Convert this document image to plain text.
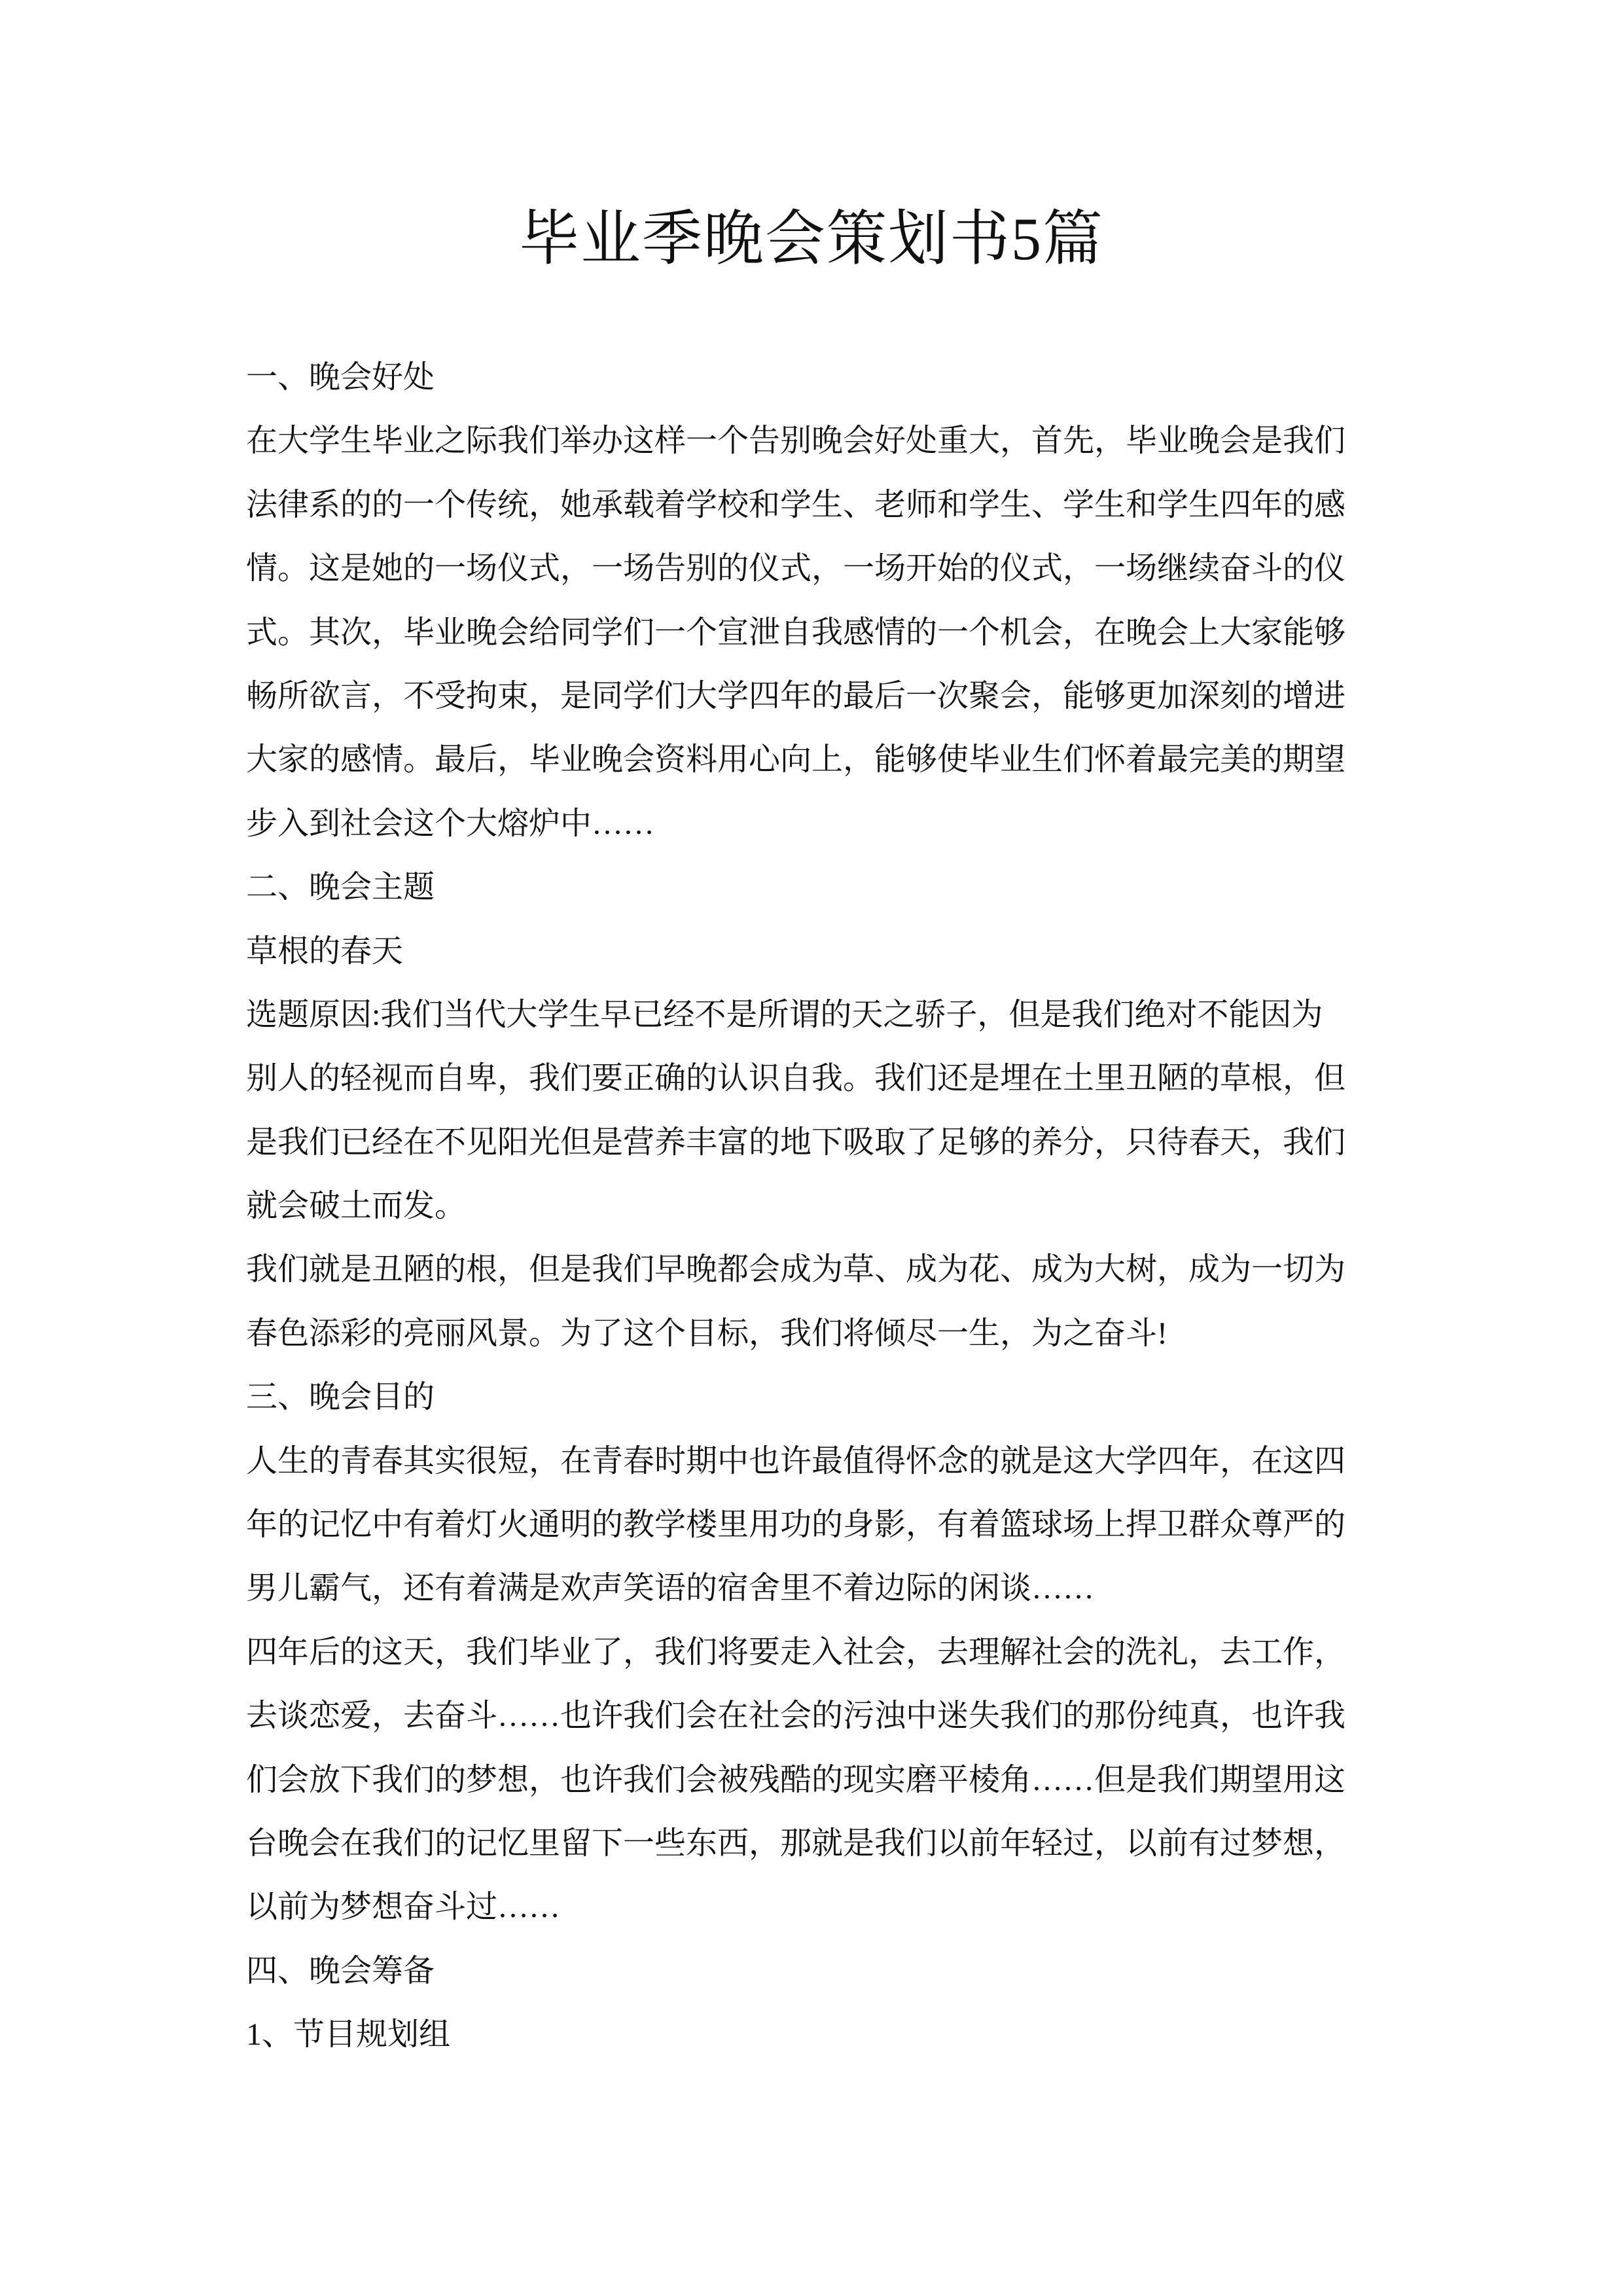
毕业季晚会策划书5篇
一、晚会好处
在大学生毕业之际我们举办这样一个告别晚会好处重大，首先，毕业晚会是我们
法律系的的一个传统，她承载着学校和学生、老师和学生、学生和学生四年的感
情。这是她的一场仪式，一场告别的仪式，一场开始的仪式，一场继续奋斗的仪
式。其次，毕业晚会给同学们一个宣泄自我感情的一个机会，在晚会上大家能够
畅所欲言，不受拘束，是同学们大学四年的最后一次聚会，能够更加深刻的增进
大家的感情。最后，毕业晚会资料用心向上，能够使毕业生们怀着最完美的期望
步入到社会这个大熔炉中……
二、晚会主题
草根的春天
选题原因:我们当代大学生早已经不是所谓的天之骄子，但是我们绝对不能因为
别人的轻视而自卑，我们要正确的认识自我。我们还是埋在土里丑陋的草根，但
是我们已经在不见阳光但是营养丰富的地下吸取了足够的养分，只待春天，我们
就会破土而发。
我们就是丑陋的根，但是我们早晚都会成为草、成为花、成为大树，成为一切为
春色添彩的亮丽风景。为了这个目标，我们将倾尽一生，为之奋斗!
三、晚会目的
人生的青春其实很短，在青春时期中也许最值得怀念的就是这大学四年，在这四
年的记忆中有着灯火通明的教学楼里用功的身影，有着篮球场上捍卫群众尊严的
男儿霸气，还有着满是欢声笑语的宿舍里不着边际的闲谈……
四年后的这天，我们毕业了，我们将要走入社会，去理解社会的洗礼，去工作，
去谈恋爱，去奋斗……也许我们会在社会的污浊中迷失我们的那份纯真，也许我
们会放下我们的梦想，也许我们会被残酷的现实磨平棱角……但是我们期望用这
台晚会在我们的记忆里留下一些东西，那就是我们以前年轻过，以前有过梦想，
以前为梦想奋斗过……
四、晚会筹备
1、节目规划组
